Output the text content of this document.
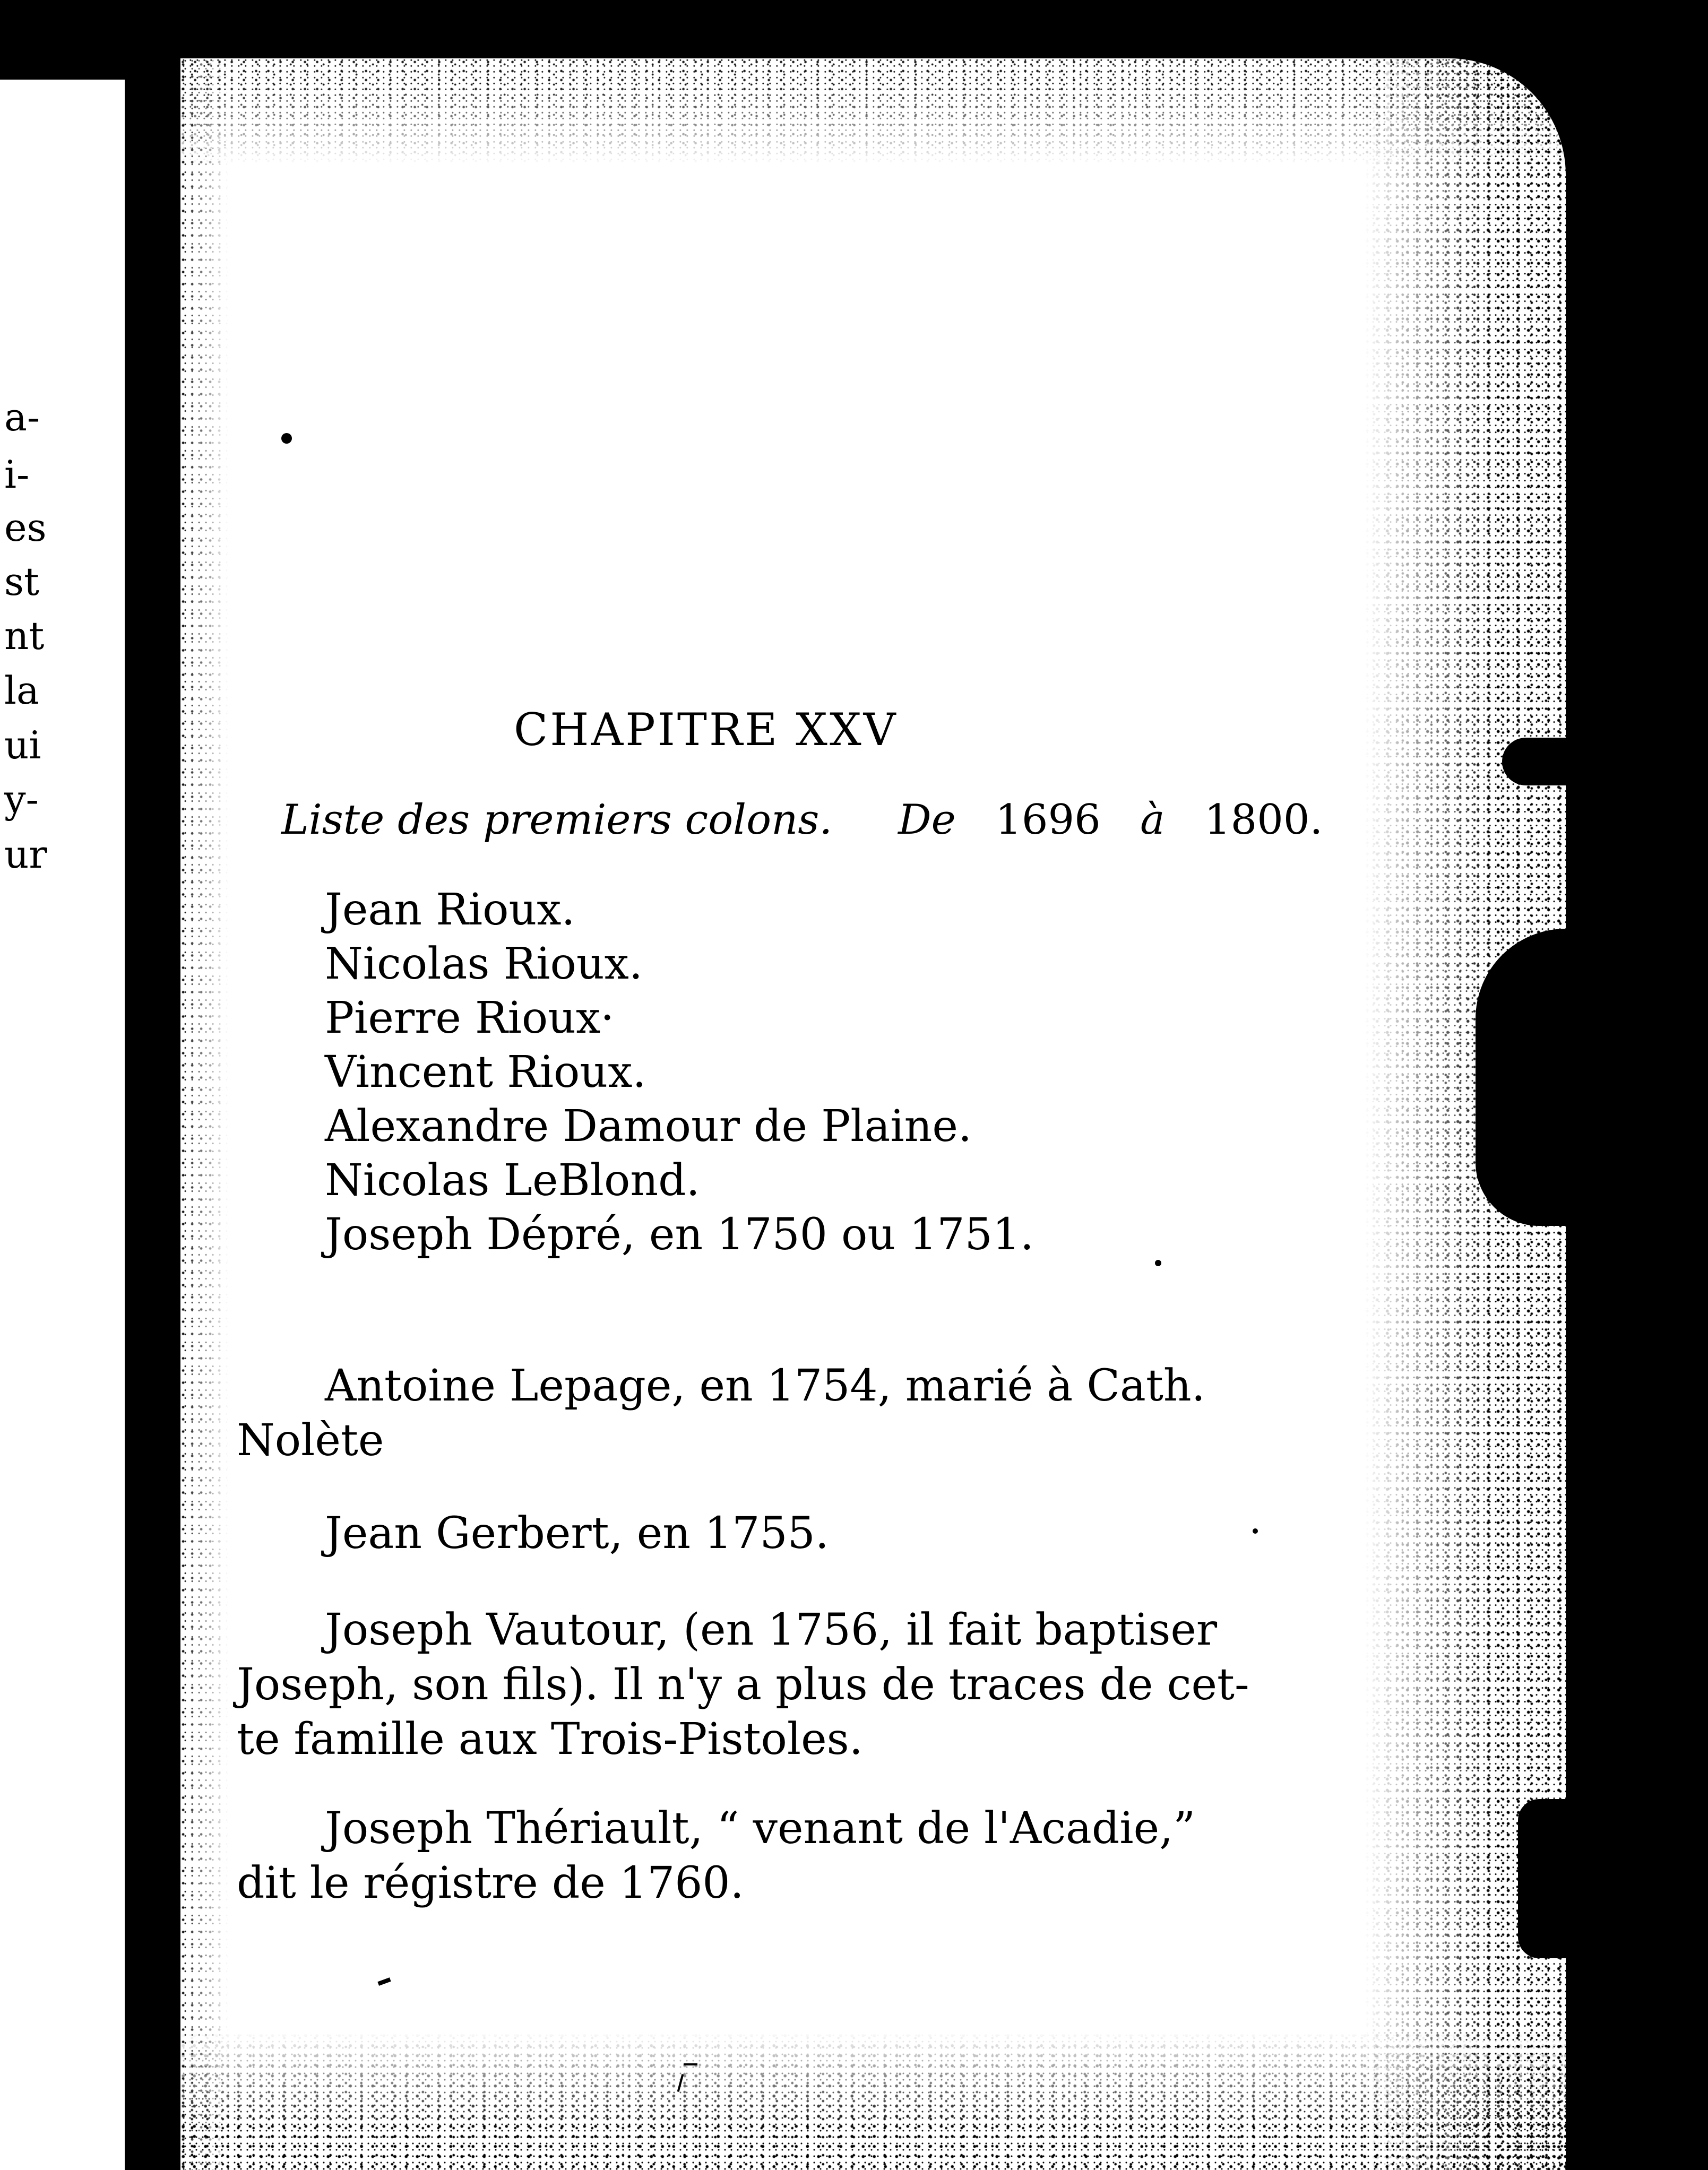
a-
i-
es
st
nt
la
ui
y-
ur
CHAPITRE XXV
Liste des premiers colons. De 1696 à 1800.
Jean Rioux.
Nicolas Rioux.
Pierre Rioux·
Vincent Rioux.
Alexandre Damour de Plaine.
Nicolas LeBlond.
Joseph Dépré, en 1750 ou 1751.
Antoine Lepage, en 1754, marié à Cath.
Nolète
Jean Gerbert, en 1755.
Joseph Vautour, (en 1756, il fait baptiser
Joseph, son fils). Il n'y a plus de traces de cet-
te famille aux Trois-Pistoles.
Joseph Thériault, “ venant de l'Acadie,”
dit le régistre de 1760.
